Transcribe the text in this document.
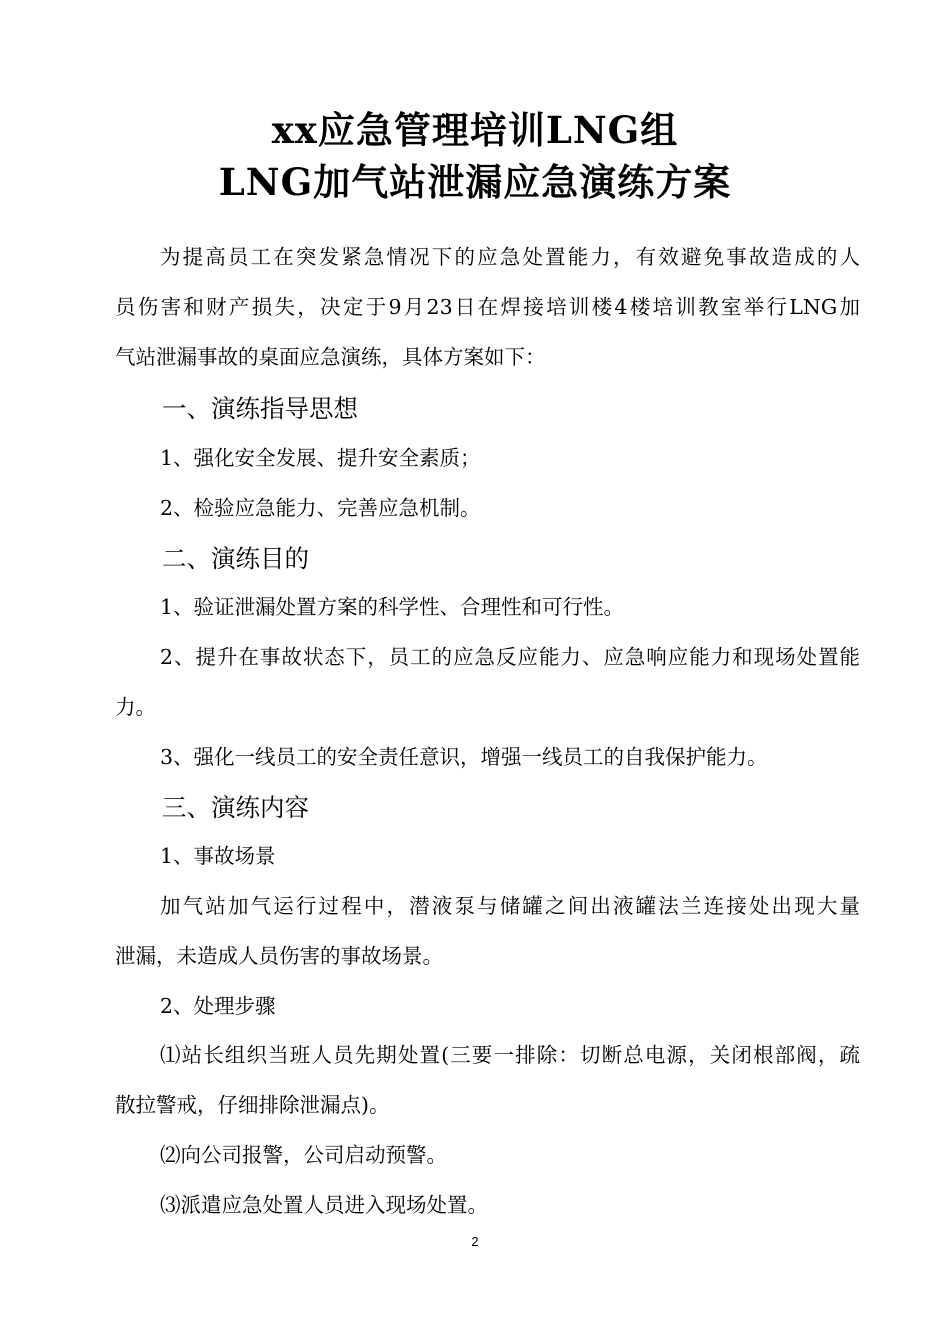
xx应急管理培训LNG组
LNG加气站泄漏应急演练方案
为提高员工在突发紧急情况下的应急处置能力，有效避免事故造成的人
员伤害和财产损失，决定于9月23日在焊接培训楼4楼培训教室举行LNG加
气站泄漏事故的桌面应急演练，具体方案如下：
一、演练指导思想
1、强化安全发展、提升安全素质；
2、检验应急能力、完善应急机制。
二、演练目的
1、验证泄漏处置方案的科学性、合理性和可行性。
2、提升在事故状态下，员工的应急反应能力、应急响应能力和现场处置能
力。
3、强化一线员工的安全责任意识，增强一线员工的自我保护能力。
三、演练内容
1、事故场景
加气站加气运行过程中，潜液泵与储罐之间出液罐法兰连接处出现大量
泄漏，未造成人员伤害的事故场景。
2、处理步骤
⑴站长组织当班人员先期处置(三要一排除：切断总电源，关闭根部阀，疏
散拉警戒，仔细排除泄漏点)。
⑵向公司报警，公司启动预警。
⑶派遣应急处置人员进入现场处置。
2
